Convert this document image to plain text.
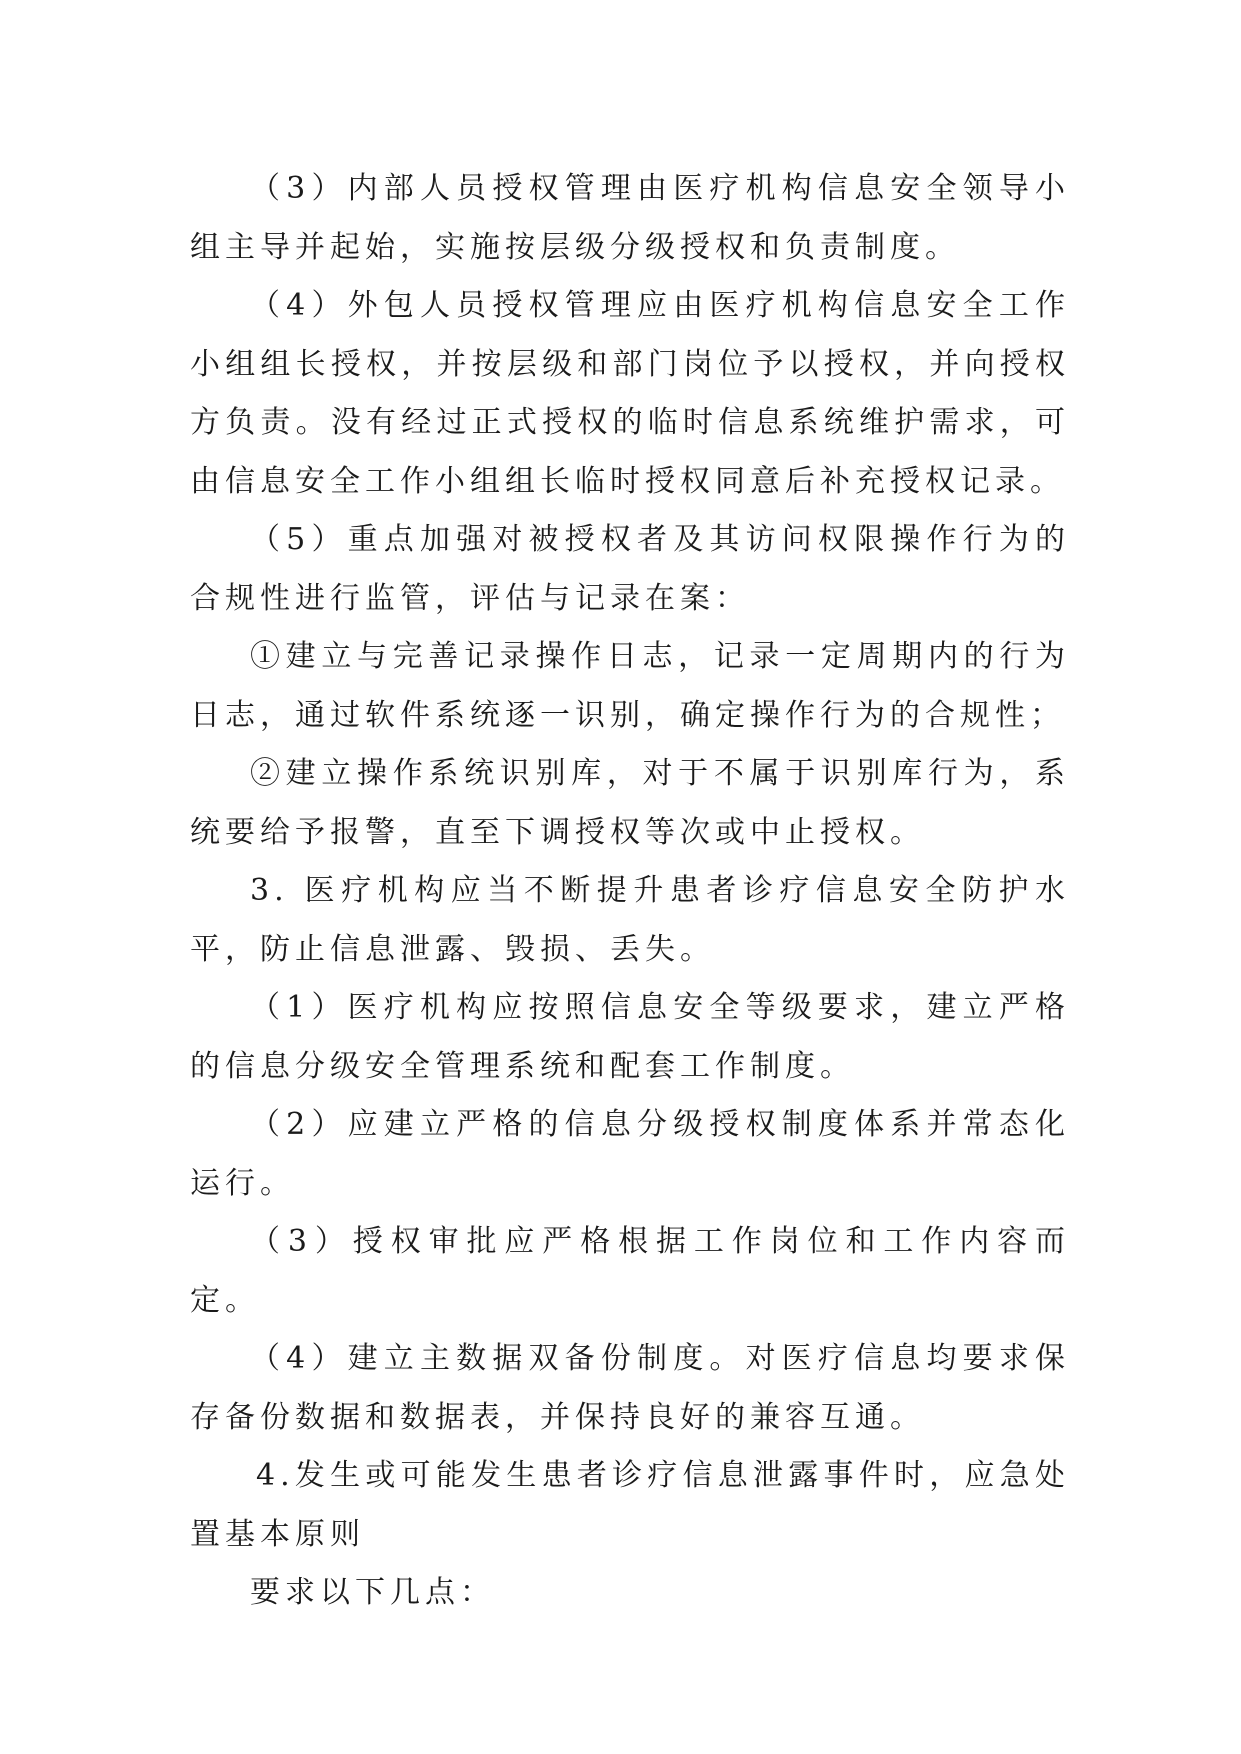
（3）内部人员授权管理由医疗机构信息安全领导小组主导并起始，实施按层级分级授权和负责制度。

（4）外包人员授权管理应由医疗机构信息安全工作小组组长授权，并按层级和部门岗位予以授权，并向授权方负责。没有经过正式授权的临时信息系统维护需求，可由信息安全工作小组组长临时授权同意后补充授权记录。

（5）重点加强对被授权者及其访问权限操作行为的合规性进行监管，评估与记录在案：

①建立与完善记录操作日志，记录一定周期内的行为日志，通过软件系统逐一识别，确定操作行为的合规性；

②建立操作系统识别库，对于不属于识别库行为，系统要给予报警，直至下调授权等次或中止授权。

3. 医疗机构应当不断提升患者诊疗信息安全防护水平，防止信息泄露、毁损、丢失。

（1）医疗机构应按照信息安全等级要求，建立严格的信息分级安全管理系统和配套工作制度。

（2）应建立严格的信息分级授权制度体系并常态化运行。

（3）授权审批应严格根据工作岗位和工作内容而定。

（4）建立主数据双备份制度。对医疗信息均要求保存备份数据和数据表，并保持良好的兼容互通。

4.发生或可能发生患者诊疗信息泄露事件时，应急处置基本原则

要求以下几点：
